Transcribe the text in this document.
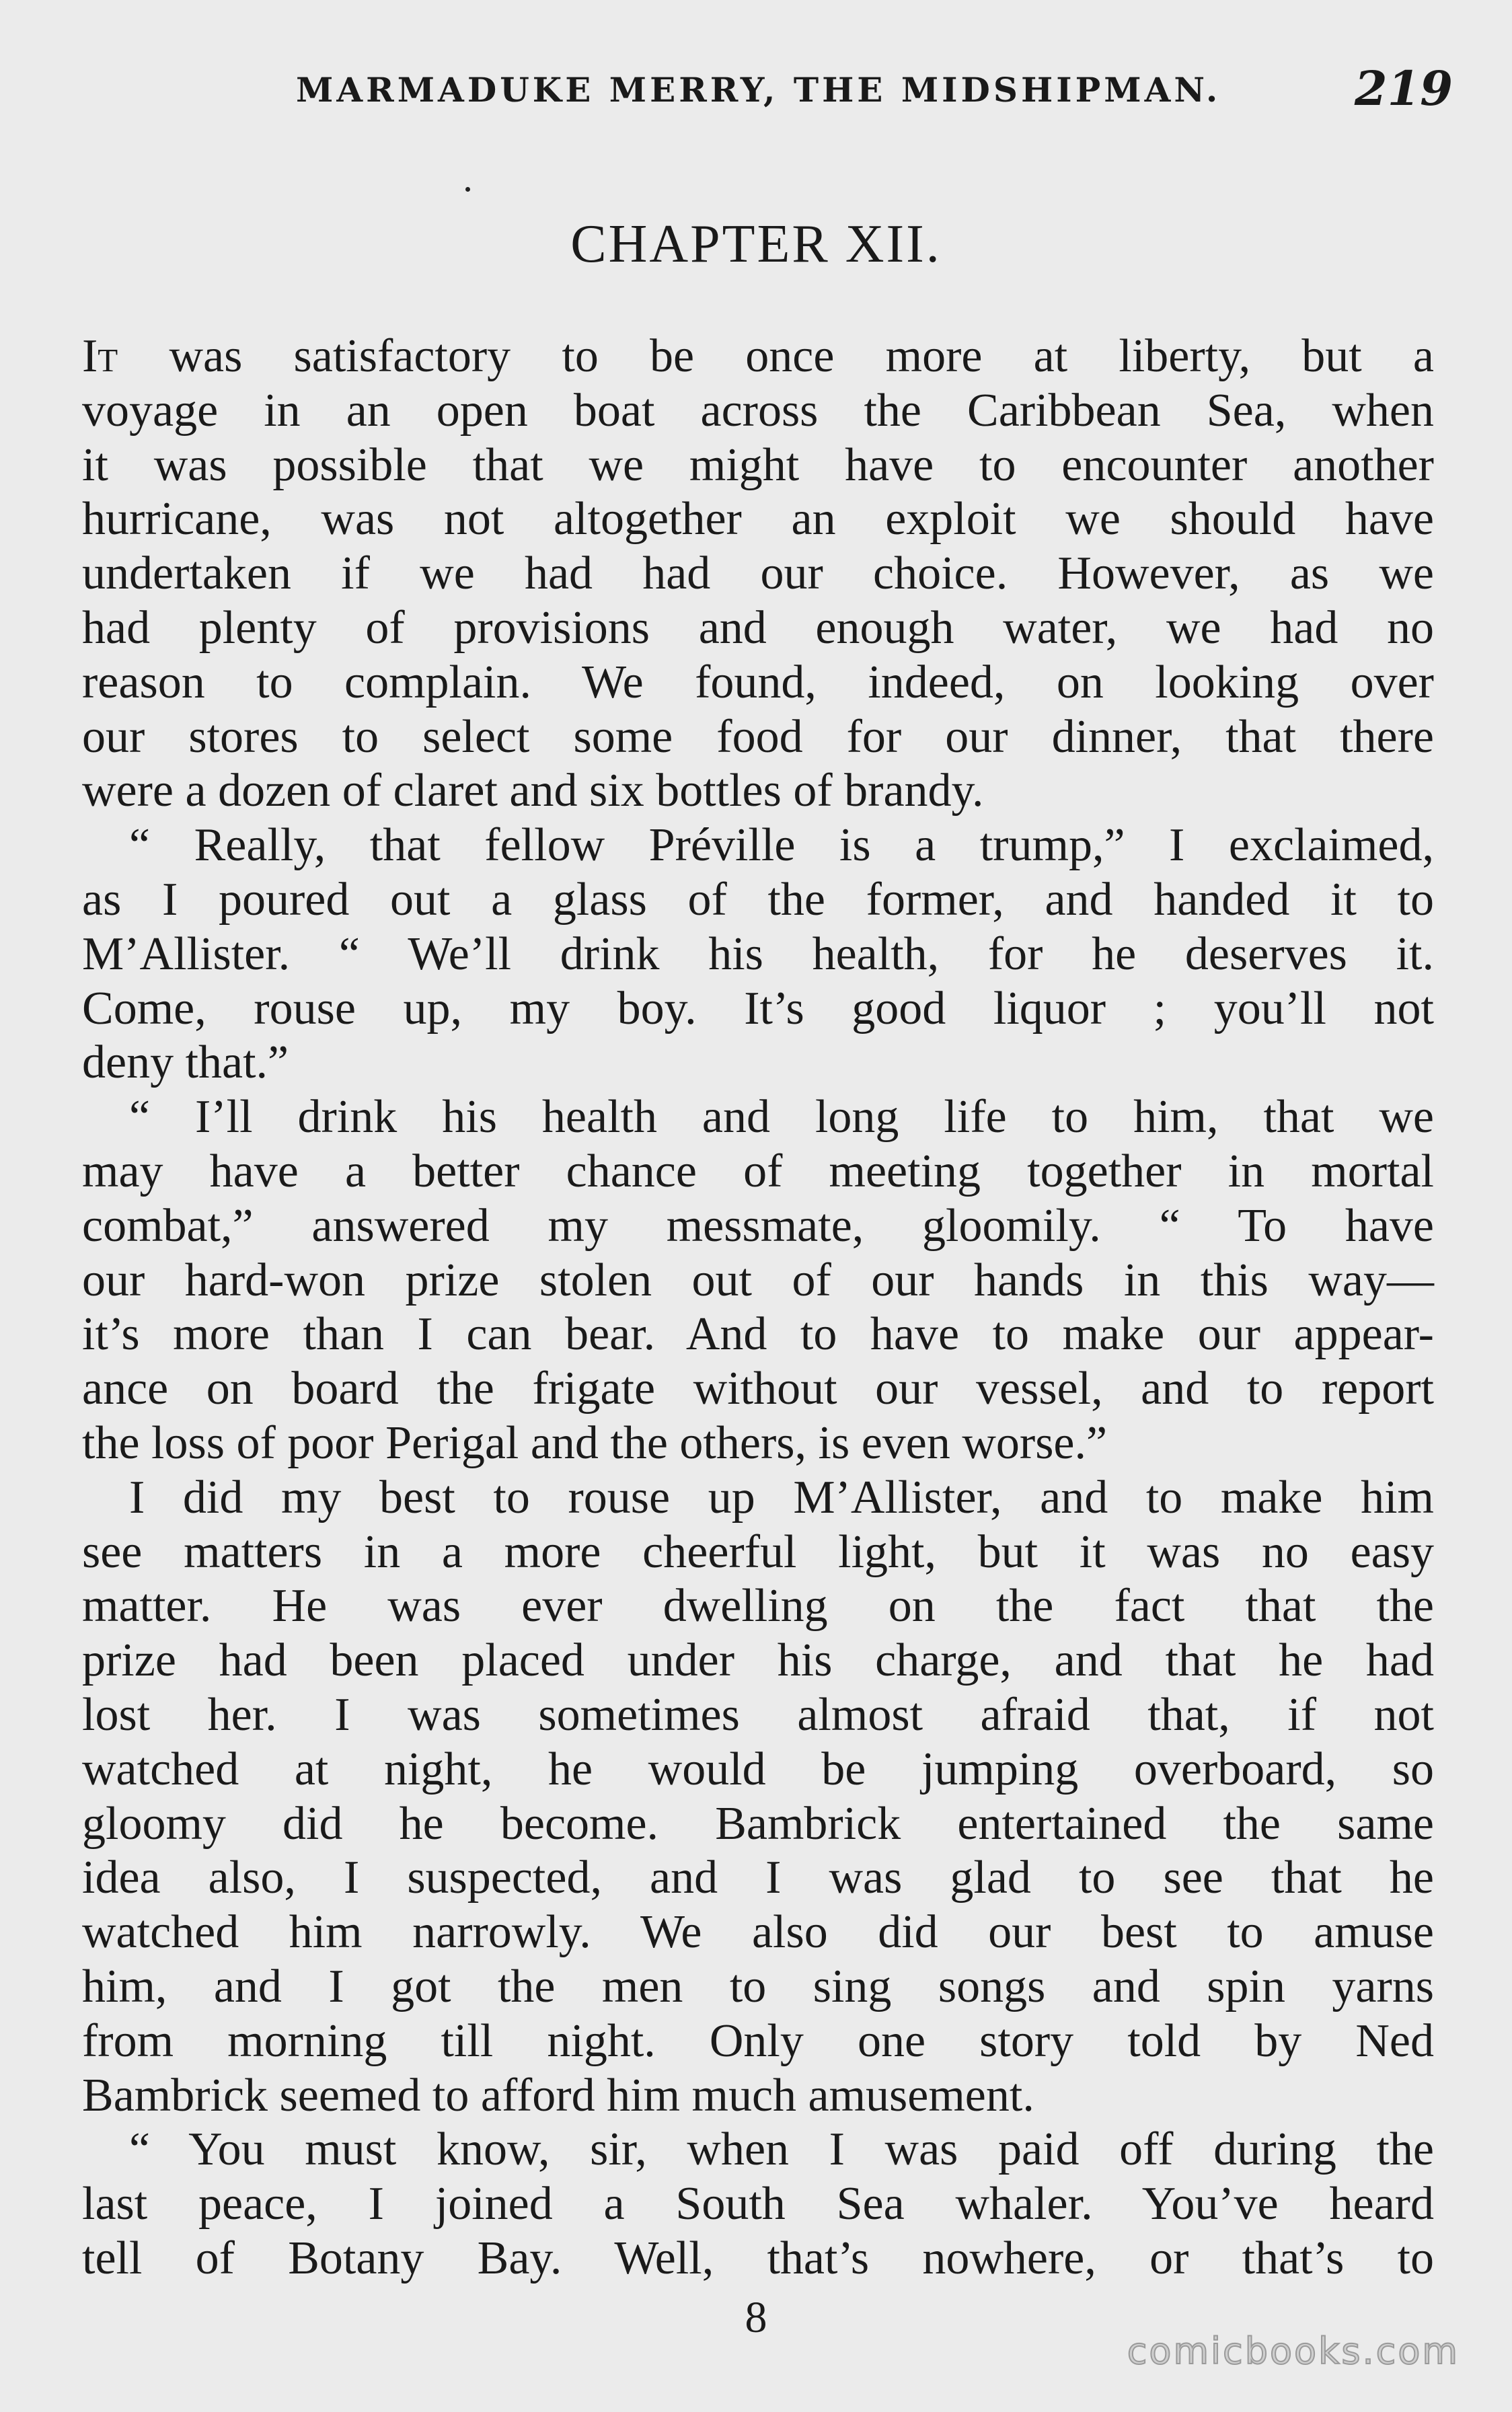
MARMADUKE MERRY, THE MIDSHIPMAN.	219
CHAPTER XII.

It was satisfactory to be once more at liberty, but a
voyage in an open boat across the Caribbean Sea, when
it was possible that we might have to encounter another
hurricane, was not altogether an exploit we should have
undertaken if we had had our choice. However, as we
had plenty of provisions and enough water, we had no
reason to complain. We found, indeed, on looking over
our stores to select some food for our dinner, that there
were a dozen of claret and six bottles of brandy.

“ Really, that fellow Préville is a trump,” I exclaimed,
as I poured out a glass of the former, and handed it to
M’Allister. “ We’ll drink his health, for he deserves it.
Come, rouse up, my boy. It’s good liquor ; you’ll not
deny that.”

“ I’ll drink his health and long life to him, that we
may have a better chance of meeting together in mortal
combat,” answered my messmate, gloomily. “ To have
our hard-won prize stolen out of our hands in this way—
it’s more than I can bear. And to have to make our appear-
ance on board the frigate without our vessel, and to report
the loss of poor Perigal and the others, is even worse.”

I did my best to rouse up M’Allister, and to make him
see matters in a more cheerful light, but it was no easy
matter. He was ever dwelling on the fact that the
prize had been placed under his charge, and that he had
lost her. I was sometimes almost afraid that, if not
watched at night, he would be jumping overboard, so
gloomy did he become. Bambrick entertained the same
idea also, I suspected, and I was glad to see that he
watched him narrowly. We also did our best to amuse
him, and I got the men to sing songs and spin yarns
from morning till night. Only one story told by Ned
Bambrick seemed to afford him much amusement.

“ You must know, sir, when I was paid off during the
last peace, I joined a South Sea whaler. You’ve heard
tell of Botany Bay. Well, that’s nowhere, or that’s to

8
comicbooks.com
